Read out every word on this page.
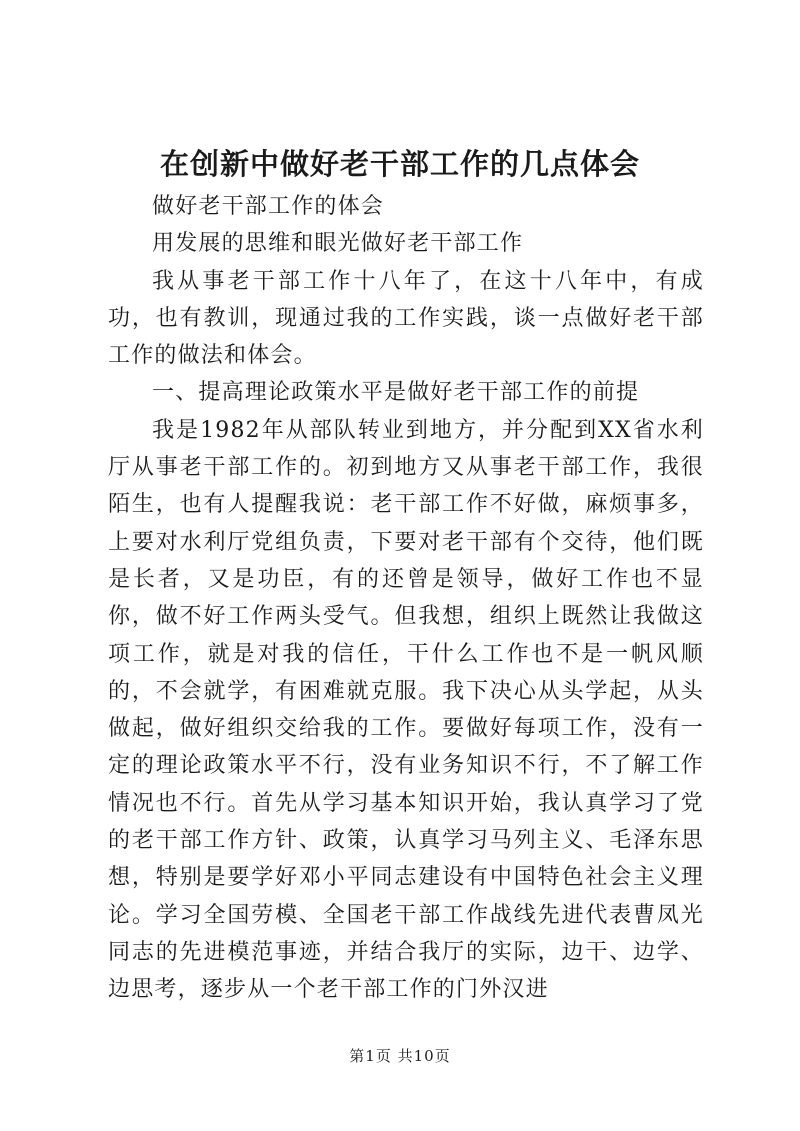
在创新中做好老干部工作的几点体会

做好老干部工作的体会

用发展的思维和眼光做好老干部工作

我从事老干部工作十八年了，在这十八年中，有成功，也有教训，现通过我的工作实践，谈一点做好老干部工作的做法和体会。

一、提高理论政策水平是做好老干部工作的前提

我是1982年从部队转业到地方，并分配到XX省水利厅从事老干部工作的。初到地方又从事老干部工作，我很陌生，也有人提醒我说：老干部工作不好做，麻烦事多，上要对水利厅党组负责，下要对老干部有个交待，他们既是长者，又是功臣，有的还曾是领导，做好工作也不显你，做不好工作两头受气。但我想，组织上既然让我做这项工作，就是对我的信任，干什么工作也不是一帆风顺的，不会就学，有困难就克服。我下决心从头学起，从头做起，做好组织交给我的工作。要做好每项工作，没有一定的理论政策水平不行，没有业务知识不行，不了解工作情况也不行。首先从学习基本知识开始，我认真学习了党的老干部工作方针、政策，认真学习马列主义、毛泽东思想，特别是要学好邓小平同志建设有中国特色社会主义理论。学习全国劳模、全国老干部工作战线先进代表曹凤光同志的先进模范事迹，并结合我厅的实际，边干、边学、边思考，逐步从一个老干部工作的门外汉进

第1页 共10页
